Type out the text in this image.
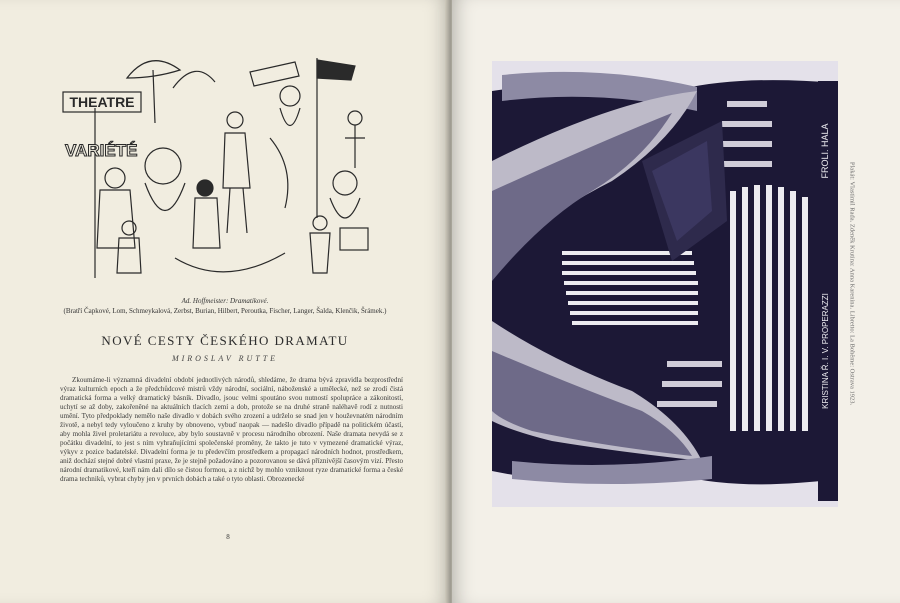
THEATRE
VARIÉTÉ
Ad. Hoffmeister: Dramatikové.
(Bratří Čapkové, Lom, Schmeykalová, Zerbst, Burian, Hilbert, Peroutka, Fischer, Langer, Šalda, Klenčik, Šrámek.)
NOVÉ CESTY ČESKÉHO DRAMATU
MIROSLAV RUTTE

Zkoumáme-li významná divadelní období jednotlivých národů, shledáme, že drama bývá zpravidla bezprostřední výraz kulturních epoch a že předchůdcové mistrů vždy národní, sociální, náboženské a umělecké, než se zrodí čistá dramatická forma a velký dramatický básník. Divadlo, jsouc velmi spoutáno svou nutností spolupráce a zákonitostí, uchytí se až doby, zakořeněné na aktuálních tlacích zemí a dob, protože se na druhé straně naléhavě rodí z nutnosti umění. Tyto předpoklady nemělo naše divadlo v dobách svého zrození a udrželo se snad jen v houževnatém národním životě, a nebyl tedy vyloučeno z kruhy by obnoveno, vybuď naopak — nadešlo divadlo případě na politickém účastí, aby mohla živel proletariátu a revoluce, aby bylo soustavně v procesu národního obrození. Naše dramata nevydá se z počátku divadelní, to jest s ním vyhraňujícími společenské proměny, že takto je tuto v vymezené dramatické výraz, výkyv z pozice badatelské. Divadelní forma je tu předevčím prostředkem a propagací národních hodnot, prostředkem, aniž dochází stejné dobré vlastní praxe, že je stejně požadováno a pozorovanou se dává příznivější časovým vizí. Přesto národní dramatikové, kteří nám dali dílo se čistou formou, a z nichž by mohlo vzniknout ryze dramatické forma a české drama techniků, vybrat chyby jen v prvních dobách a také o tyto oblasti. Obrozenecké

8
FROLI. HALA
KRISTINA Ř. I. V. PROPERAZZI	Plakát: Vlastimil Rada. Zdeněk Krutina: Anna Karenina. Libretto: La Bohème: Ostrava 1923.
